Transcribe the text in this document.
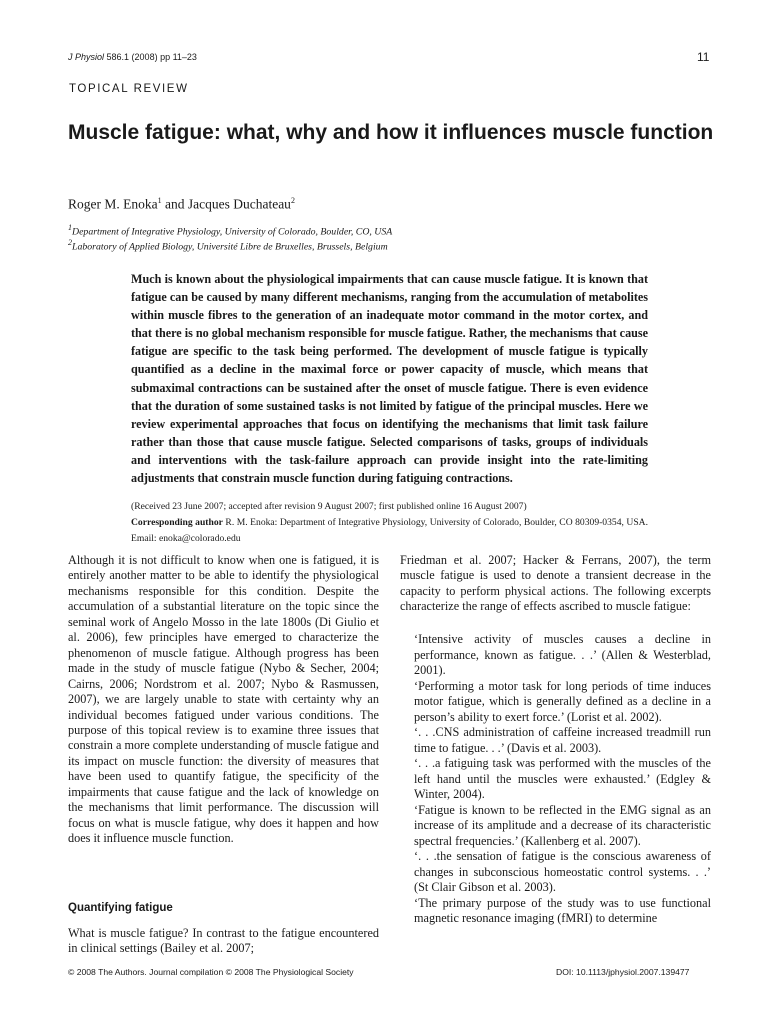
J Physiol 586.1 (2008) pp 11–23	11
TOPICAL REVIEW
Muscle fatigue: what, why and how it influences muscle function
Roger M. Enoka$^1$ and Jacques Duchateau$^2$
$^1$Department of Integrative Physiology, University of Colorado, Boulder, CO, USA
$^2$Laboratory of Applied Biology, Université Libre de Bruxelles, Brussels, Belgium

Much is known about the physiological impairments that can cause muscle fatigue. It is known that fatigue can be caused by many different mechanisms, ranging from the accumulation of metabolites within muscle fibres to the generation of an inadequate motor command in the motor cortex, and that there is no global mechanism responsible for muscle fatigue. Rather, the mechanisms that cause fatigue are specific to the task being performed. The development of muscle fatigue is typically quantified as a decline in the maximal force or power capacity of muscle, which means that submaximal contractions can be sustained after the onset of muscle fatigue. There is even evidence that the duration of some sustained tasks is not limited by fatigue of the principal muscles. Here we review experimental approaches that focus on identifying the mechanisms that limit task failure rather than those that cause muscle fatigue. Selected comparisons of tasks, groups of individuals and interventions with the task-failure approach can provide insight into the rate-limiting adjustments that constrain muscle function during fatiguing contractions.

(Received 23 June 2007; accepted after revision 9 August 2007; first published online 16 August 2007)
Corresponding author R. M. Enoka: Department of Integrative Physiology, University of Colorado, Boulder, CO 80309-0354, USA. Email: enoka@colorado.edu
Although it is not difficult to know when one is fatigued, it is entirely another matter to be able to identify the physiological mechanisms responsible for this condition. Despite the accumulation of a substantial literature on the topic since the seminal work of Angelo Mosso in the late 1800s (Di Giulio et al. 2006), few principles have emerged to characterize the phenomenon of muscle fatigue. Although progress has been made in the study of muscle fatigue (Nybo & Secher, 2004; Cairns, 2006; Nordstrom et al. 2007; Nybo & Rasmussen, 2007), we are largely unable to state with certainty why an individual becomes fatigued under various conditions. The purpose of this topical review is to examine three issues that constrain a more complete understanding of muscle fatigue and its impact on muscle function: the diversity of measures that have been used to quantify fatigue, the specificity of the impairments that cause fatigue and the lack of knowledge on the mechanisms that limit performance. The discussion will focus on what is muscle fatigue, why does it happen and how does it influence muscle function.
Quantifying fatigue
What is muscle fatigue? In contrast to the fatigue encountered in clinical settings (Bailey et al. 2007;
Friedman et al. 2007; Hacker & Ferrans, 2007), the term muscle fatigue is used to denote a transient decrease in the capacity to perform physical actions. The following excerpts characterize the range of effects ascribed to muscle fatigue:

‘Intensive activity of muscles causes a decline in performance, known as fatigue. . .’ (Allen & Westerblad, 2001).

‘Performing a motor task for long periods of time induces motor fatigue, which is generally defined as a decline in a person’s ability to exert force.’ (Lorist et al. 2002).

‘. . .CNS administration of caffeine increased treadmill run time to fatigue. . .’ (Davis et al. 2003).

‘. . .a fatiguing task was performed with the muscles of the left hand until the muscles were exhausted.’ (Edgley & Winter, 2004).

‘Fatigue is known to be reflected in the EMG signal as an increase of its amplitude and a decrease of its characteristic spectral frequencies.’ (Kallenberg et al. 2007).

‘. . .the sensation of fatigue is the conscious awareness of changes in subconscious homeostatic control systems. . .’ (St Clair Gibson et al. 2003).

‘The primary purpose of the study was to use functional magnetic resonance imaging (fMRI) to determine

© 2008 The Authors. Journal compilation © 2008 The Physiological Society	DOI: 10.1113/jphysiol.2007.139477
